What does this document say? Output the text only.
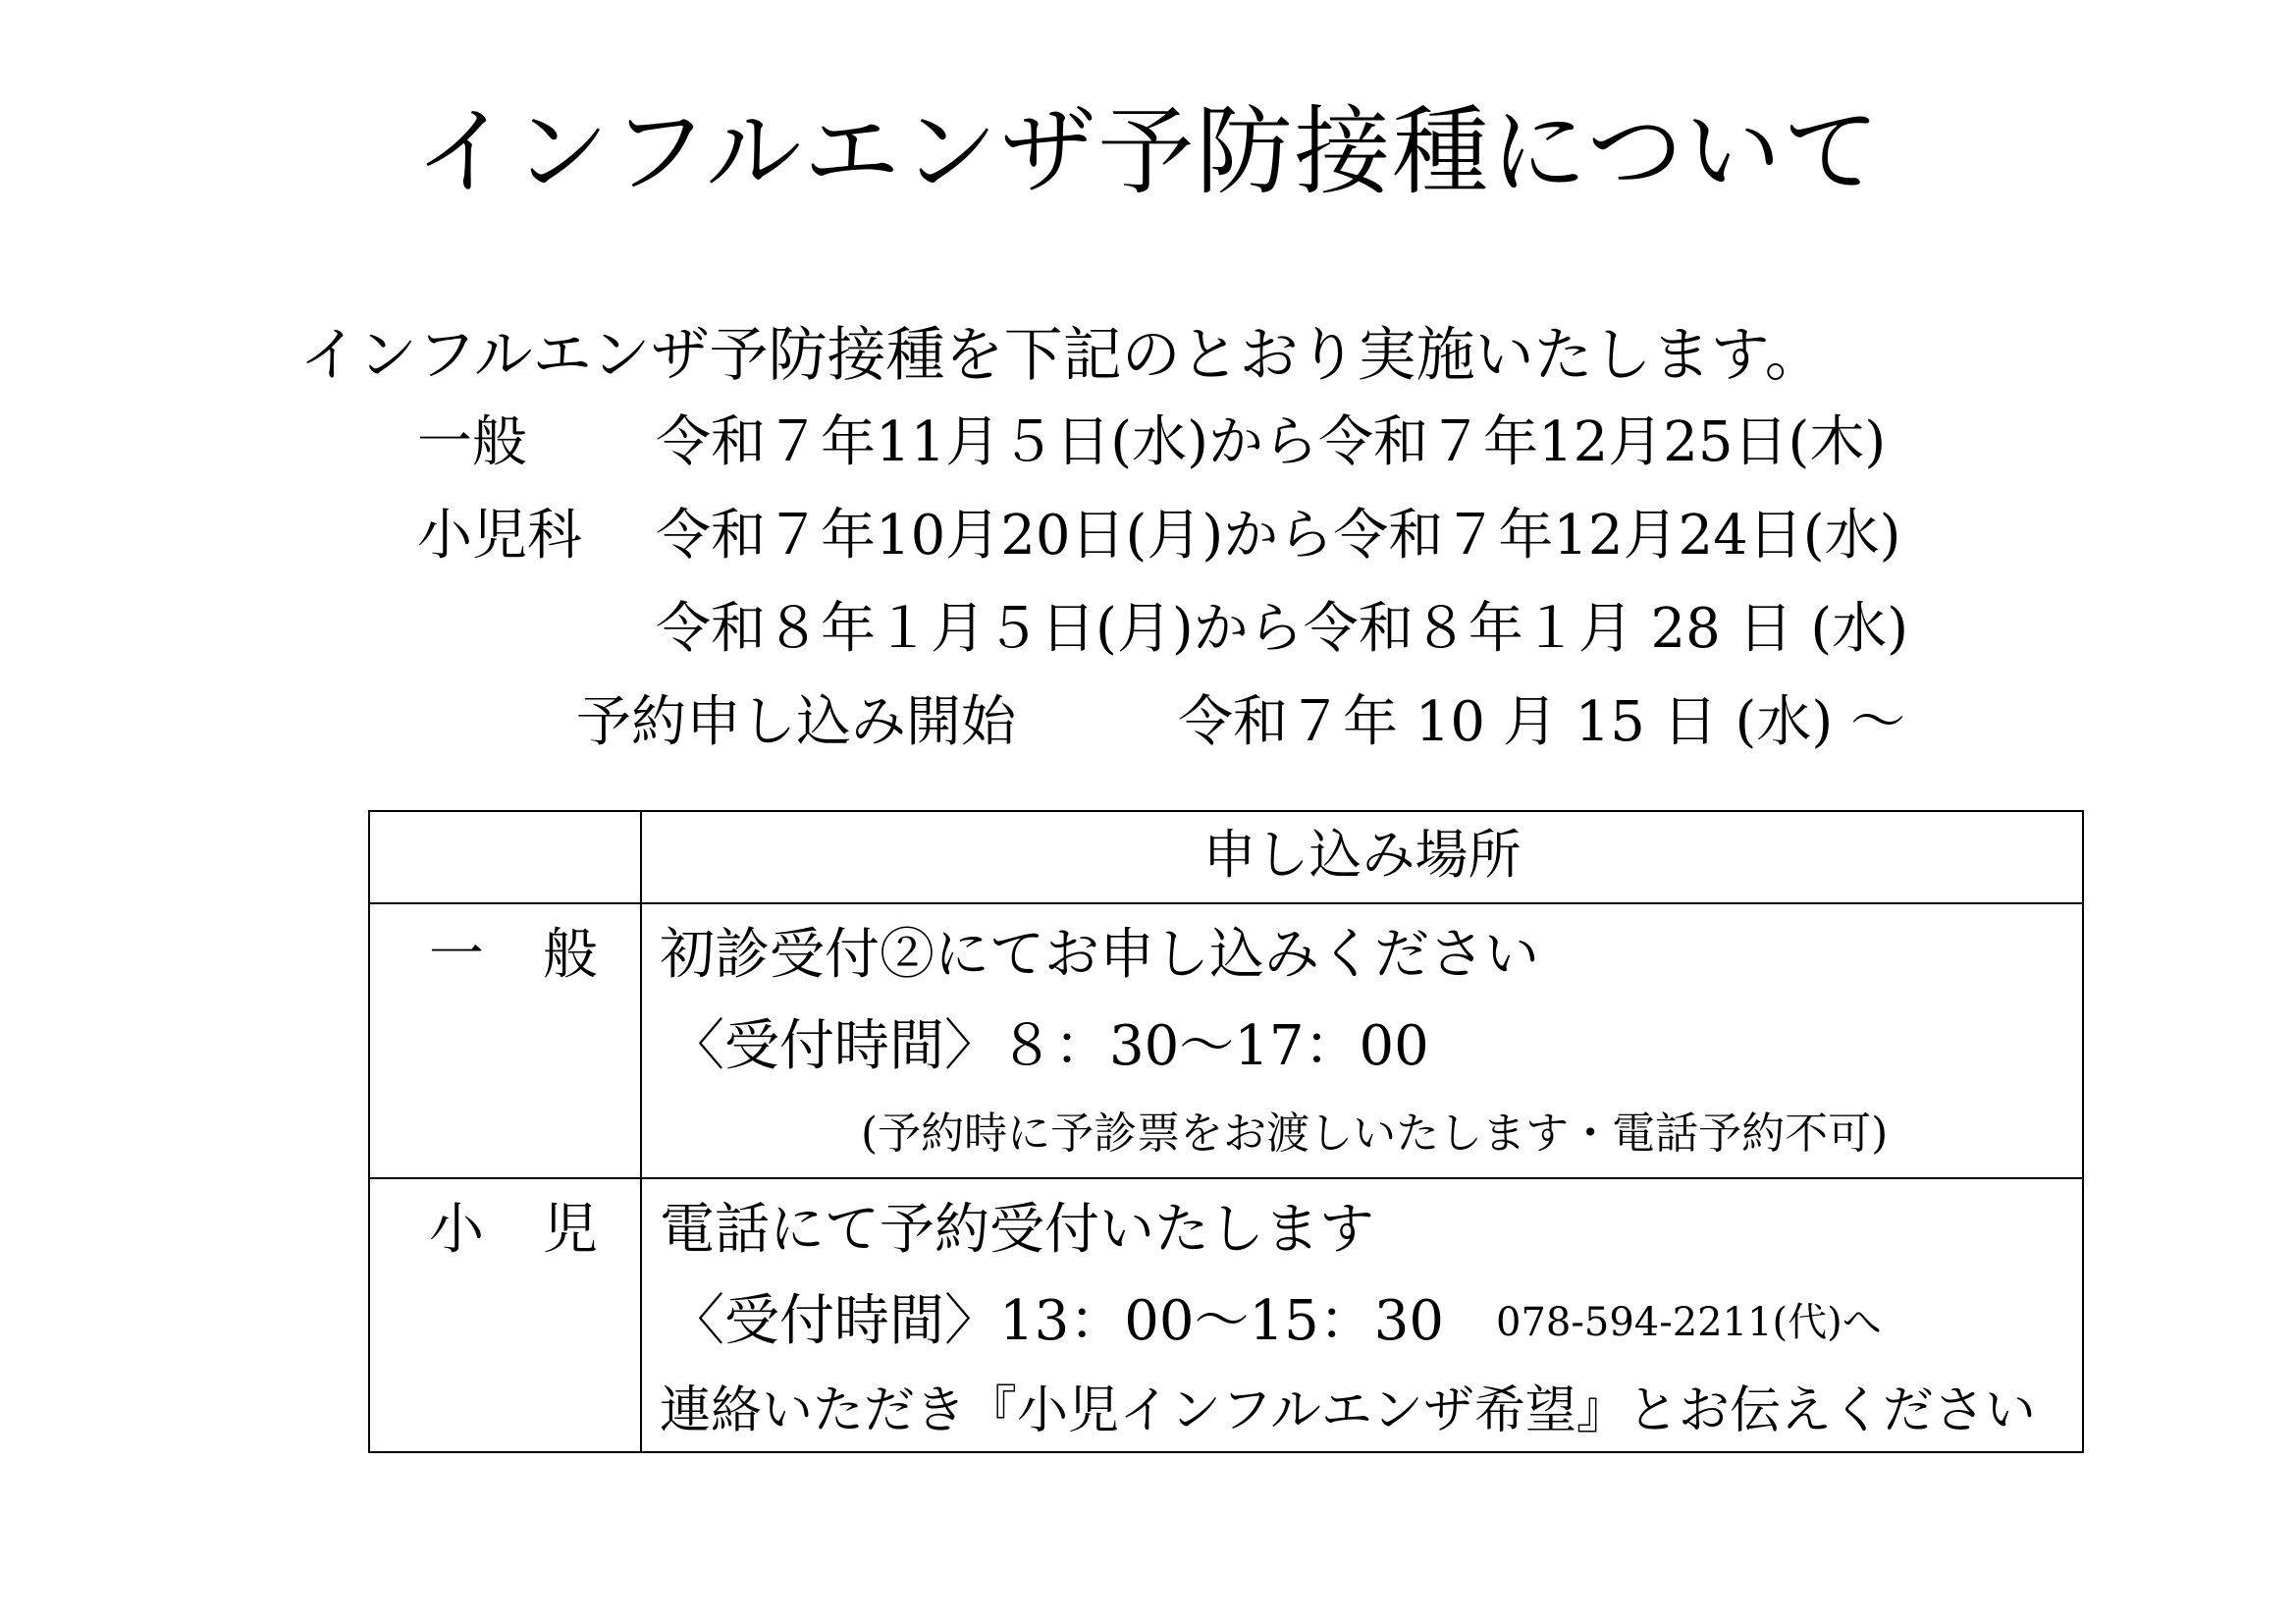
インフルエンザ予防接種について
インフルエンザ予防接種を下記のとおり実施いたします。
一般 令和７年11月５日(水)から令和７年12月25日(木)
小児科 令和７年10月20日(月)から令和７年12月24日(水)
令和８年１月５日(月)から令和８年１月 28 日 (水)
予約申し込み開始	令和７年 10 月 15 日 (水) ～
申し込み場所
一般 初診受付②にてお申し込みください
〈受付時間〉８：30～17：00
(予約時に予診票をお渡しいたします・電話予約不可)
小児 電話にて予約受付いたします
〈受付時間〉13：00～15：30 078-594-2211(代)へ
連絡いただき『小児インフルエンザ希望』とお伝えください
